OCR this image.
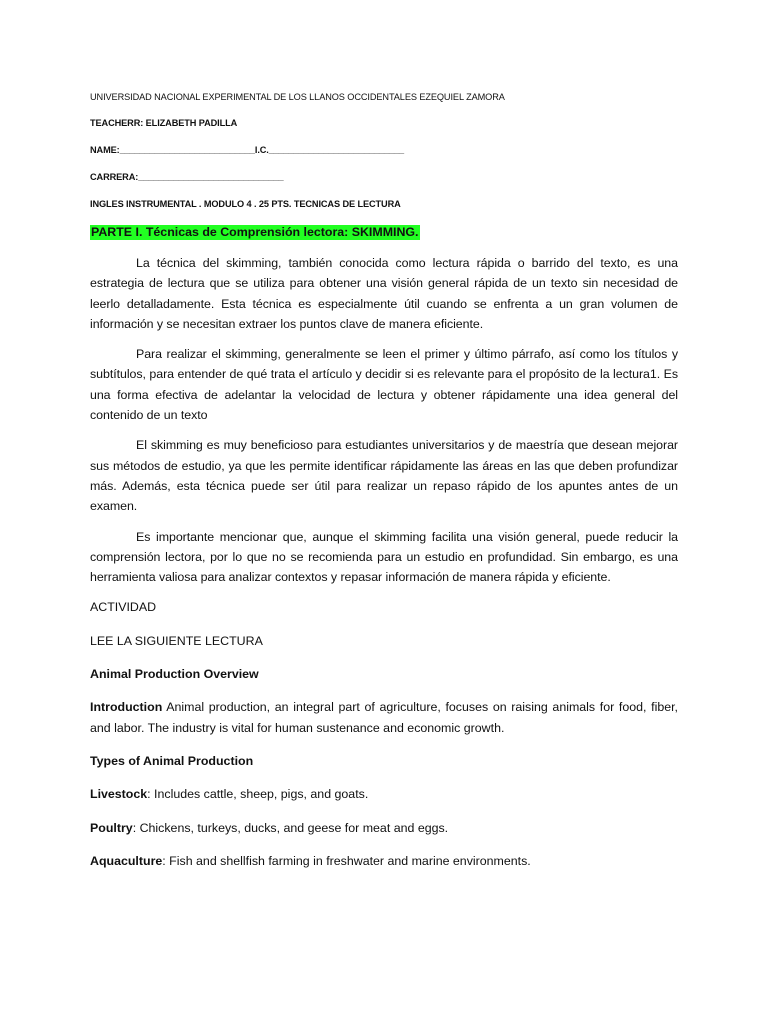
UNIVERSIDAD NACIONAL EXPERIMENTAL DE LOS LLANOS OCCIDENTALES EZEQUIEL ZAMORA

TEACHERR: ELIZABETH PADILLA

NAME:___________________________I.C.___________________________

CARRERA:_____________________________

INGLES INSTRUMENTAL . MODULO 4 . 25 PTS. TECNICAS DE LECTURA

PARTE I. Técnicas de Comprensión lectora: SKIMMING.

La técnica del skimming, también conocida como lectura rápida o barrido del texto, es una estrategia de lectura que se utiliza para obtener una visión general rápida de un texto sin necesidad de leerlo detalladamente. Esta técnica es especialmente útil cuando se enfrenta a un gran volumen de información y se necesitan extraer los puntos clave de manera eficiente.

Para realizar el skimming, generalmente se leen el primer y último párrafo, así como los títulos y subtítulos, para entender de qué trata el artículo y decidir si es relevante para el propósito de la lectura1. Es una forma efectiva de adelantar la velocidad de lectura y obtener rápidamente una idea general del contenido de un texto

El skimming es muy beneficioso para estudiantes universitarios y de maestría que desean mejorar sus métodos de estudio, ya que les permite identificar rápidamente las áreas en las que deben profundizar más. Además, esta técnica puede ser útil para realizar un repaso rápido de los apuntes antes de un examen.

Es importante mencionar que, aunque el skimming facilita una visión general, puede reducir la comprensión lectora, por lo que no se recomienda para un estudio en profundidad. Sin embargo, es una herramienta valiosa para analizar contextos y repasar información de manera rápida y eficiente.

ACTIVIDAD

LEE LA SIGUIENTE LECTURA

Animal Production Overview

Introduction Animal production, an integral part of agriculture, focuses on raising animals for food, fiber, and labor. The industry is vital for human sustenance and economic growth.

Types of Animal Production

Livestock: Includes cattle, sheep, pigs, and goats.

Poultry: Chickens, turkeys, ducks, and geese for meat and eggs.

Aquaculture: Fish and shellfish farming in freshwater and marine environments.
